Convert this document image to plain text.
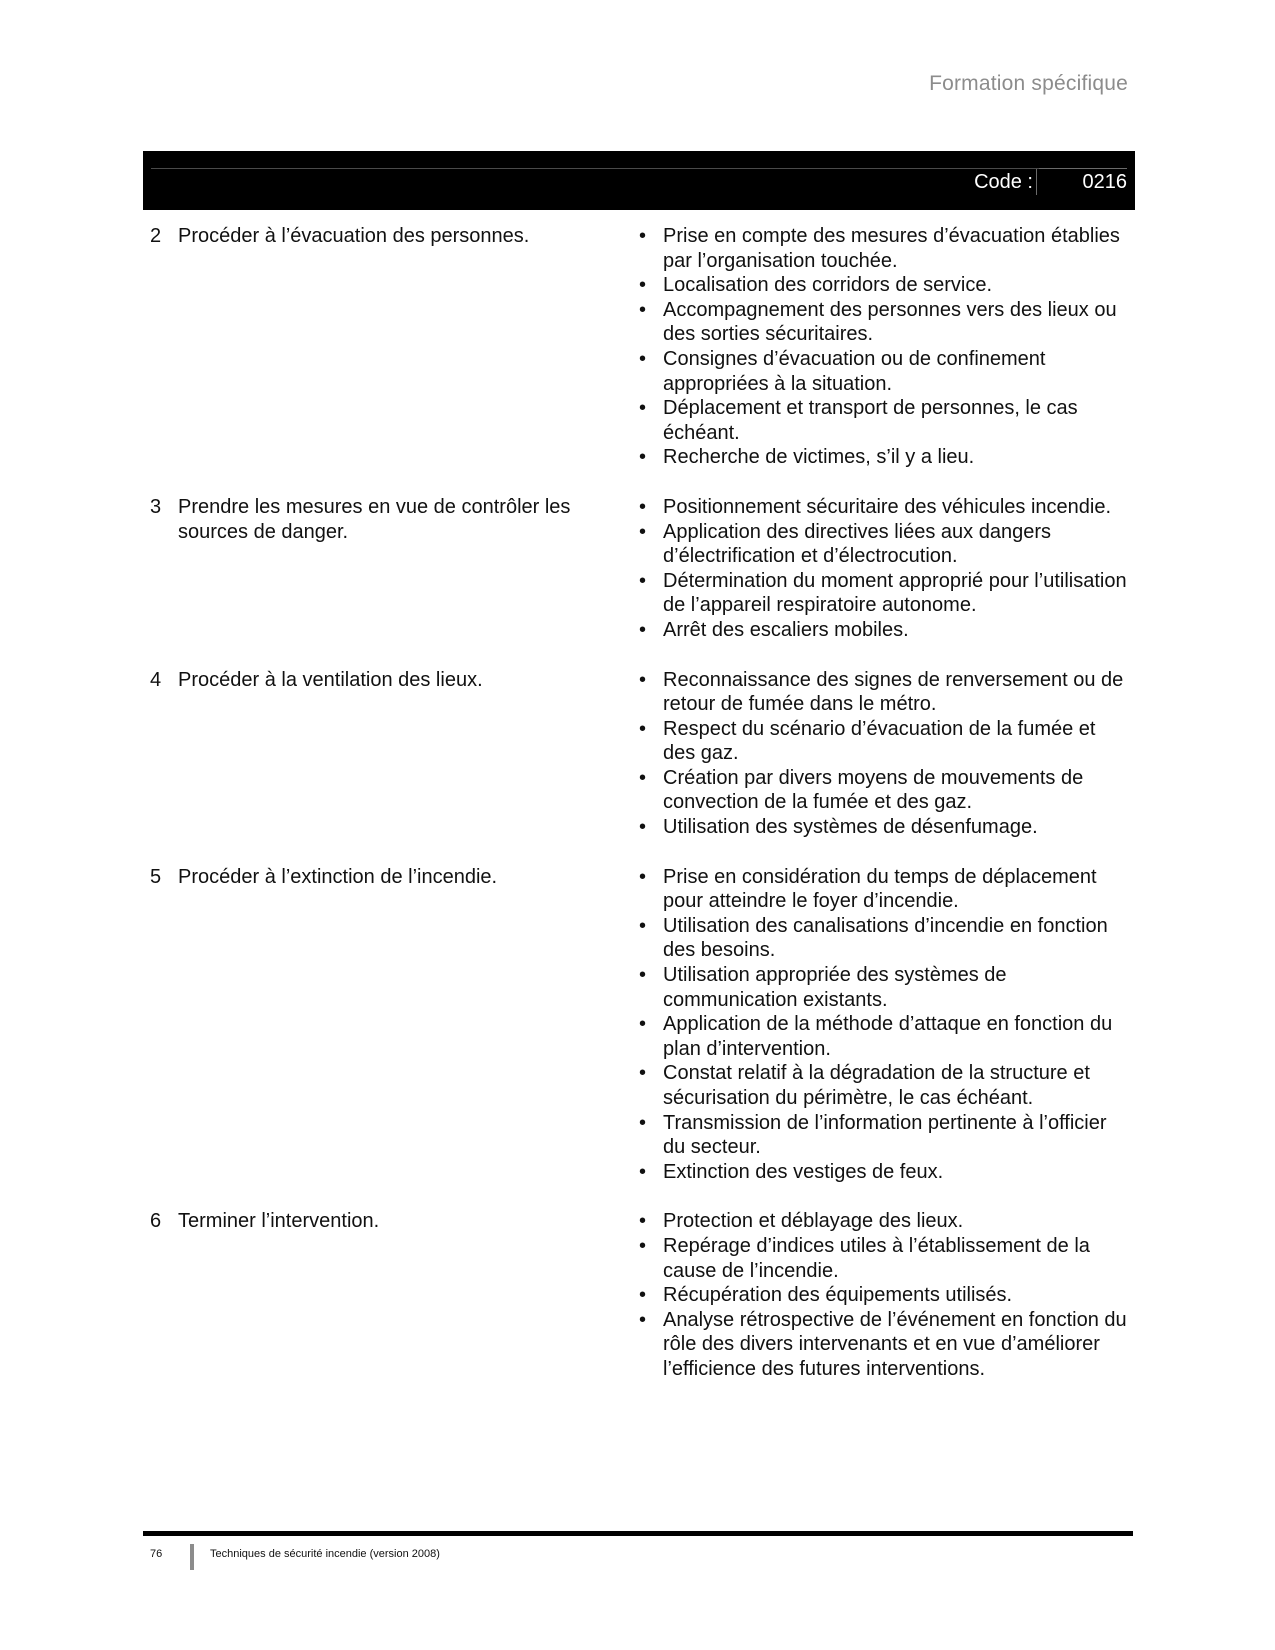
Formation spécifique
Code : 0216
2 Procéder à l’évacuation des personnes.	• Prise en compte des mesures d’évacuation établies par l’organisation touchée.
• Localisation des corridors de service.
• Accompagnement des personnes vers des lieux ou des sorties sécuritaires.
• Consignes d’évacuation ou de confinement appropriées à la situation.
• Déplacement et transport de personnes, le cas échéant.
• Recherche de victimes, s’il y a lieu.
3 Prendre les mesures en vue de contrôler les sources de danger.
• Positionnement sécuritaire des véhicules incendie.
• Application des directives liées aux dangers d’électrification et d’électrocution.
• Détermination du moment approprié pour l’utilisation de l’appareil respiratoire autonome.
• Arrêt des escaliers mobiles.
4 Procéder à la ventilation des lieux.	• Reconnaissance des signes de renversement ou de retour de fumée dans le métro.
• Respect du scénario d’évacuation de la fumée et des gaz.
• Création par divers moyens de mouvements de convection de la fumée et des gaz.
• Utilisation des systèmes de désenfumage.
5 Procéder à l’extinction de l’incendie.	• Prise en considération du temps de déplacement pour atteindre le foyer d’incendie.
• Utilisation des canalisations d’incendie en fonction des besoins.
• Utilisation appropriée des systèmes de communication existants.
• Application de la méthode d’attaque en fonction du plan d’intervention.
• Constat relatif à la dégradation de la structure et sécurisation du périmètre, le cas échéant.
• Transmission de l’information pertinente à l’officier du secteur.
• Extinction des vestiges de feux.
6 Terminer l’intervention.	• Protection et déblayage des lieux.
• Repérage d’indices utiles à l’établissement de la cause de l’incendie.
• Récupération des équipements utilisés.
• Analyse rétrospective de l’événement en fonction du rôle des divers intervenants et en vue d’améliorer l’efficience des futures interventions.
76	Techniques de sécurité incendie (version 2008)
